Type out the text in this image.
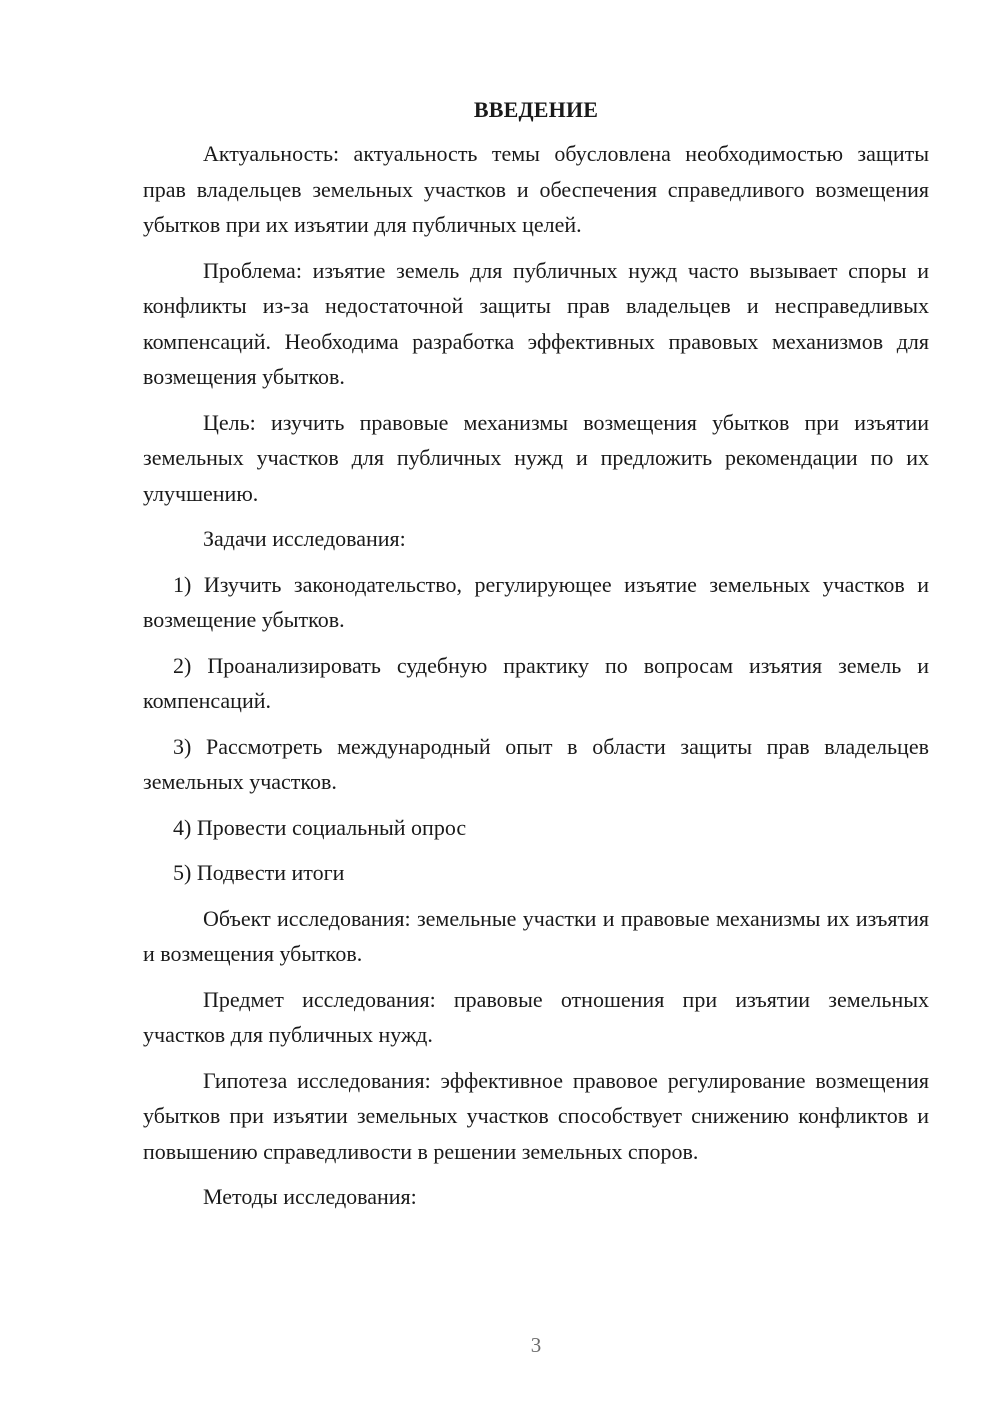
ВВЕДЕНИЕ

Актуальность: актуальность темы обусловлена необходимостью защиты прав владельцев земельных участков и обеспечения справедливого возмещения убытков при их изъятии для публичных целей.

Проблема: изъятие земель для публичных нужд часто вызывает споры и конфликты из-за недостаточной защиты прав владельцев и несправедливых компенсаций. Необходима разработка эффективных правовых механизмов для возмещения убытков.

Цель: изучить правовые механизмы возмещения убытков при изъятии земельных участков для публичных нужд и предложить рекомендации по их улучшению.

Задачи исследования:

1) Изучить законодательство, регулирующее изъятие земельных участков и возмещение убытков.

2) Проанализировать судебную практику по вопросам изъятия земель и компенсаций.

3) Рассмотреть международный опыт в области защиты прав владельцев земельных участков.

4) Провести социальный опрос

5) Подвести итоги

Объект исследования: земельные участки и правовые механизмы их изъятия и возмещения убытков.

Предмет исследования: правовые отношения при изъятии земельных участков для публичных нужд.

Гипотеза исследования: эффективное правовое регулирование возмещения убытков при изъятии земельных участков способствует снижению конфликтов и повышению справедливости в решении земельных споров.

Методы исследования:

3
